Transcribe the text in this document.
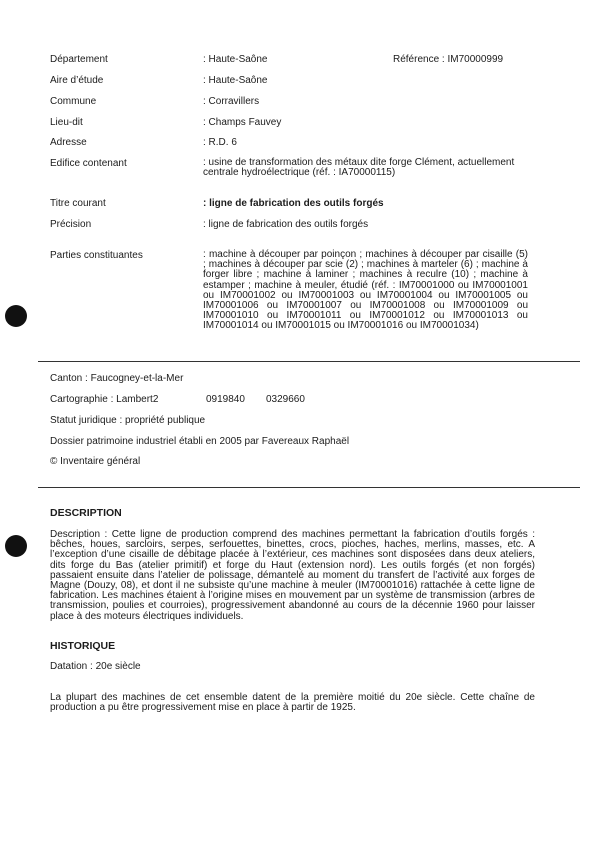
Département	: Haute-Saône	Référence : IM70000999
Aire d’étude	: Haute-Saône
Commune	: Corravillers
Lieu-dit	: Champs Fauvey
Adresse	: R.D. 6
Edifice contenant	: usine de transformation des métaux dite forge Clément, actuellement centrale hydroélectrique (réf. : IA70000115)
Titre courant	: ligne de fabrication des outils forgés
Précision	: ligne de fabrication des outils forgés
Parties constituantes	: machine à découper par poinçon ; machines à découper par cisaille (5) ; machines à découper par scie (2) ; machines à marteler (6) ; machine à forger libre ; machine à laminer ; machines à reculre (10) ; machine à estamper ; machine à meuler, étudié (réf. : IM70001000 ou IM70001001 ou IM70001002 ou IM70001003 ou IM70001004 ou IM70001005 ou IM70001006 ou IM70001007 ou IM70001008 ou IM70001009 ou IM70001010 ou IM70001011 ou IM70001012 ou IM70001013 ou IM70001014 ou IM70001015 ou IM70001016 ou IM70001034)
Canton : Faucogney-et-la-Mer
Cartographie : Lambert2	0919840 0329660
Statut juridique : propriété publique
Dossier patrimoine industriel établi en 2005 par Favereaux Raphaël
© Inventaire général
DESCRIPTION
Description : Cette ligne de production comprend des machines permettant la fabrication d’outils forgés : bêches, houes, sarcloirs, serpes, serfouettes, binettes, crocs, pioches, haches, merlins, masses, etc. A l’exception d’une cisaille de débitage placée à l’extérieur, ces machines sont disposées dans deux ateliers, dits forge du Bas (atelier primitif) et forge du Haut (extension nord). Les outils forgés (et non forgés) passaient ensuite dans l’atelier de polissage, démantelé au moment du transfert de l’activité aux forges de Magne (Douzy, 08), et dont il ne subsiste qu’une machine à meuler (IM70001016) rattachée à cette ligne de fabrication. Les machines étaient à l’origine mises en mouvement par un système de transmission (arbres de transmission, poulies et courroies), progressivement abandonné au cours de la décennie 1960 pour laisser place à des moteurs électriques individuels.
HISTORIQUE
Datation : 20e siècle
La plupart des machines de cet ensemble datent de la première moitié du 20e siècle. Cette chaîne de production a pu être progressivement mise en place à partir de 1925.
